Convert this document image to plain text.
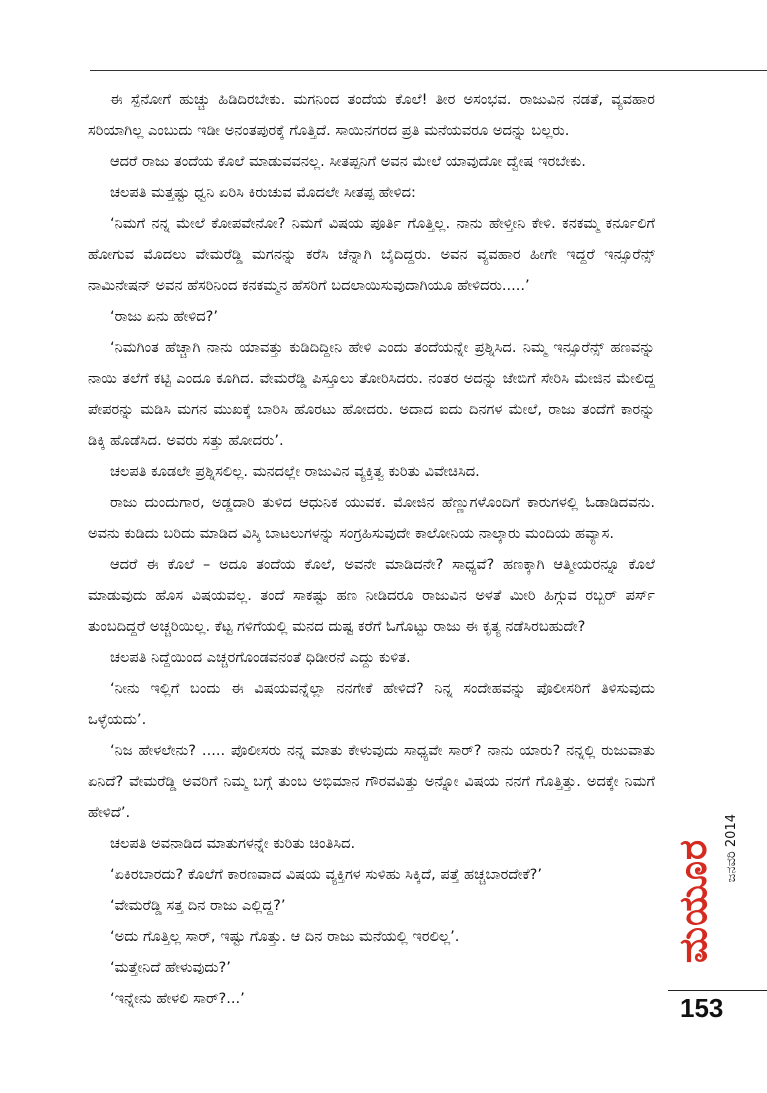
ಈ ಸ್ಪೆನೋಗೆ ಹುಚ್ಚು ಹಿಡಿದಿರಬೇಕು. ಮಗನಿಂದ ತಂದೆಯ ಕೊಲೆ! ತೀರ ಅಸಂಭವ. ರಾಜುವಿನ ನಡತೆ, ವ್ಯವಹಾರ ಸರಿಯಾಗಿಲ್ಲ ಎಂಬುದು ಇಡೀ ಅನಂತಪುರಕ್ಕೆ ಗೊತ್ತಿದೆ. ಸಾಯಿನಗರದ ಪ್ರತಿ ಮನೆಯವರೂ ಅದನ್ನು ಬಲ್ಲರು.

ಆದರೆ ರಾಜು ತಂದೆಯ ಕೊಲೆ ಮಾಡುವವನಲ್ಲ. ಸೀತಪ್ಪನಿಗೆ ಅವನ ಮೇಲೆ ಯಾವುದೋ ದ್ವೇಷ ಇರಬೇಕು.

ಚಲಪತಿ ಮತ್ತಷ್ಟು ಧ್ವನಿ ಏರಿಸಿ ಕಿರುಚುವ ಮೊದಲೇ ಸೀತಪ್ಪ ಹೇಳಿದ:

‘ನಿಮಗೆ ನನ್ನ ಮೇಲೆ ಕೋಪವೇನೋ? ನಿಮಗೆ ವಿಷಯ ಪೂರ್ತಿ ಗೊತ್ತಿಲ್ಲ. ನಾನು ಹೇಳ್ತೀನಿ ಕೇಳಿ. ಕನಕಮ್ಮ ಕರ್ನೂಲಿಗೆ ಹೋಗುವ ಮೊದಲು ವೇಮರೆಡ್ಡಿ ಮಗನನ್ನು ಕರೆಸಿ ಚೆನ್ನಾಗಿ ಬೈದಿದ್ದರು. ಅವನ ವ್ಯವಹಾರ ಹೀಗೇ ಇದ್ದರೆ ಇನ್ಸೂರೆನ್ಸ್ ನಾಮಿನೇಷನ್ ಅವನ ಹೆಸರಿನಿಂದ ಕನಕಮ್ಮನ ಹೆಸರಿಗೆ ಬದಲಾಯಿಸುವುದಾಗಿಯೂ ಹೇಳಿದರು.....’

‘ರಾಜು ಏನು ಹೇಳಿದ?’

‘ನಿಮಗಿಂತ ಹೆಚ್ಚಾಗಿ ನಾನು ಯಾವತ್ತು ಕುಡಿದಿದ್ದೀನಿ ಹೇಳಿ ಎಂದು ತಂದೆಯನ್ನೇ ಪ್ರಶ್ನಿಸಿದ. ನಿಮ್ಮ ಇನ್ಸೂರೆನ್ಸ್ ಹಣವನ್ನು ನಾಯಿ ತಲೆಗೆ ಕಟ್ಟಿ ಎಂದೂ ಕೂಗಿದ. ವೇಮರೆಡ್ಡಿ ಪಿಸ್ತೂಲು ತೋರಿಸಿದರು. ನಂತರ ಅದನ್ನು ಜೇಬಿಗೆ ಸೇರಿಸಿ ಮೇಜಿನ ಮೇಲಿದ್ದ ಪೇಪರನ್ನು ಮಡಿಸಿ ಮಗನ ಮುಖಕ್ಕೆ ಬಾರಿಸಿ ಹೊರಟು ಹೋದರು. ಅದಾದ ಐದು ದಿನಗಳ ಮೇಲೆ, ರಾಜು ತಂದೆಗೆ ಕಾರನ್ನು ಡಿಕ್ಕಿ ಹೊಡೆಸಿದ. ಅವರು ಸತ್ತು ಹೋದರು’.

ಚಲಪತಿ ಕೂಡಲೇ ಪ್ರಶ್ನಿಸಲಿಲ್ಲ. ಮನದಲ್ಲೇ ರಾಜುವಿನ ವ್ಯಕ್ತಿತ್ವ ಕುರಿತು ವಿವೇಚಿಸಿದ.

ರಾಜು ದುಂದುಗಾರ, ಅಡ್ಡದಾರಿ ತುಳಿದ ಆಧುನಿಕ ಯುವಕ. ಮೋಜಿನ ಹೆಣ್ಣುಗಳೊಂದಿಗೆ ಕಾರುಗಳಲ್ಲಿ ಓಡಾಡಿದವನು. ಅವನು ಕುಡಿದು ಬರಿದು ಮಾಡಿದ ವಿಸ್ಕಿ ಬಾಟಲುಗಳನ್ನು ಸಂಗ್ರಹಿಸುವುದೇ ಕಾಲೋನಿಯ ನಾಲ್ಕಾರು ಮಂದಿಯ ಹವ್ಯಾಸ.

ಆದರೆ ಈ ಕೊಲೆ – ಅದೂ ತಂದೆಯ ಕೊಲೆ, ಅವನೇ ಮಾಡಿದನೇ? ಸಾಧ್ಯವೆ? ಹಣಕ್ಕಾಗಿ ಆತ್ಮೀಯರನ್ನೂ ಕೊಲೆ ಮಾಡುವುದು ಹೊಸ ವಿಷಯವಲ್ಲ. ತಂದೆ ಸಾಕಷ್ಟು ಹಣ ನೀಡಿದರೂ ರಾಜುವಿನ ಅಳತೆ ಮೀರಿ ಹಿಗ್ಗುವ ರಬ್ಬರ್ ಪರ್ಸ್ ತುಂಬದಿದ್ದರೆ ಅಚ್ಚರಿಯಿಲ್ಲ. ಕೆಟ್ಟ ಗಳಿಗೆಯಲ್ಲಿ ಮನದ ದುಷ್ಟ ಕರೆಗೆ ಓಗೊಟ್ಟು ರಾಜು ಈ ಕೃತ್ಯ ನಡೆಸಿರಬಹುದೇ?

ಚಲಪತಿ ನಿದ್ದೆಯಿಂದ ಎಚ್ಚರಗೊಂಡವನಂತೆ ಧಿಡೀರನೆ ಎದ್ದು ಕುಳಿತ.

‘ನೀನು ಇಲ್ಲಿಗೆ ಬಂದು ಈ ವಿಷಯವನ್ನೆಲ್ಲಾ ನನಗೇಕೆ ಹೇಳಿದೆ? ನಿನ್ನ ಸಂದೇಹವನ್ನು ಪೊಲೀಸರಿಗೆ ತಿಳಿಸುವುದು ಒಳ್ಳೆಯದು’.

‘ನಿಜ ಹೇಳಲೇನು? ..... ಪೊಲೀಸರು ನನ್ನ ಮಾತು ಕೇಳುವುದು ಸಾಧ್ಯವೇ ಸಾರ್? ನಾನು ಯಾರು? ನನ್ನಲ್ಲಿ ರುಜುವಾತು ಏನಿದೆ? ವೇಮರೆಡ್ಡಿ ಅವರಿಗೆ ನಿಮ್ಮ ಬಗ್ಗೆ ತುಂಬ ಅಭಿಮಾನ ಗೌರವವಿತ್ತು ಅನ್ನೋ ವಿಷಯ ನನಗೆ ಗೊತ್ತಿತ್ತು. ಅದಕ್ಕೇ ನಿಮಗೆ ಹೇಳಿದೆ’.

ಚಲಪತಿ ಅವನಾಡಿದ ಮಾತುಗಳನ್ನೇ ಕುರಿತು ಚಿಂತಿಸಿದ.

‘ಏಕಿರಬಾರದು? ಕೊಲೆಗೆ ಕಾರಣವಾದ ವಿಷಯ ವ್ಯಕ್ತಿಗಳ ಸುಳಿಹು ಸಿಕ್ಕಿದೆ, ಪತ್ತೆ ಹಚ್ಚಬಾರದೇಕೆ?’

‘ವೇಮರೆಡ್ಡಿ ಸತ್ತ ದಿನ ರಾಜು ಎಲ್ಲಿದ್ದ?’

‘ಅದು ಗೊತ್ತಿಲ್ಲ ಸಾರ್, ಇಷ್ಟು ಗೊತ್ತು. ಆ ದಿನ ರಾಜು ಮನೆಯಲ್ಲಿ ಇರಲಿಲ್ಲ’.

‘ಮತ್ತೇನಿದೆ ಹೇಳುವುದು?’

‘ಇನ್ನೇನು ಹೇಳಲಿ ಸಾರ್?...’

ಮಯೂರ ಜನವರಿ 2014
153
